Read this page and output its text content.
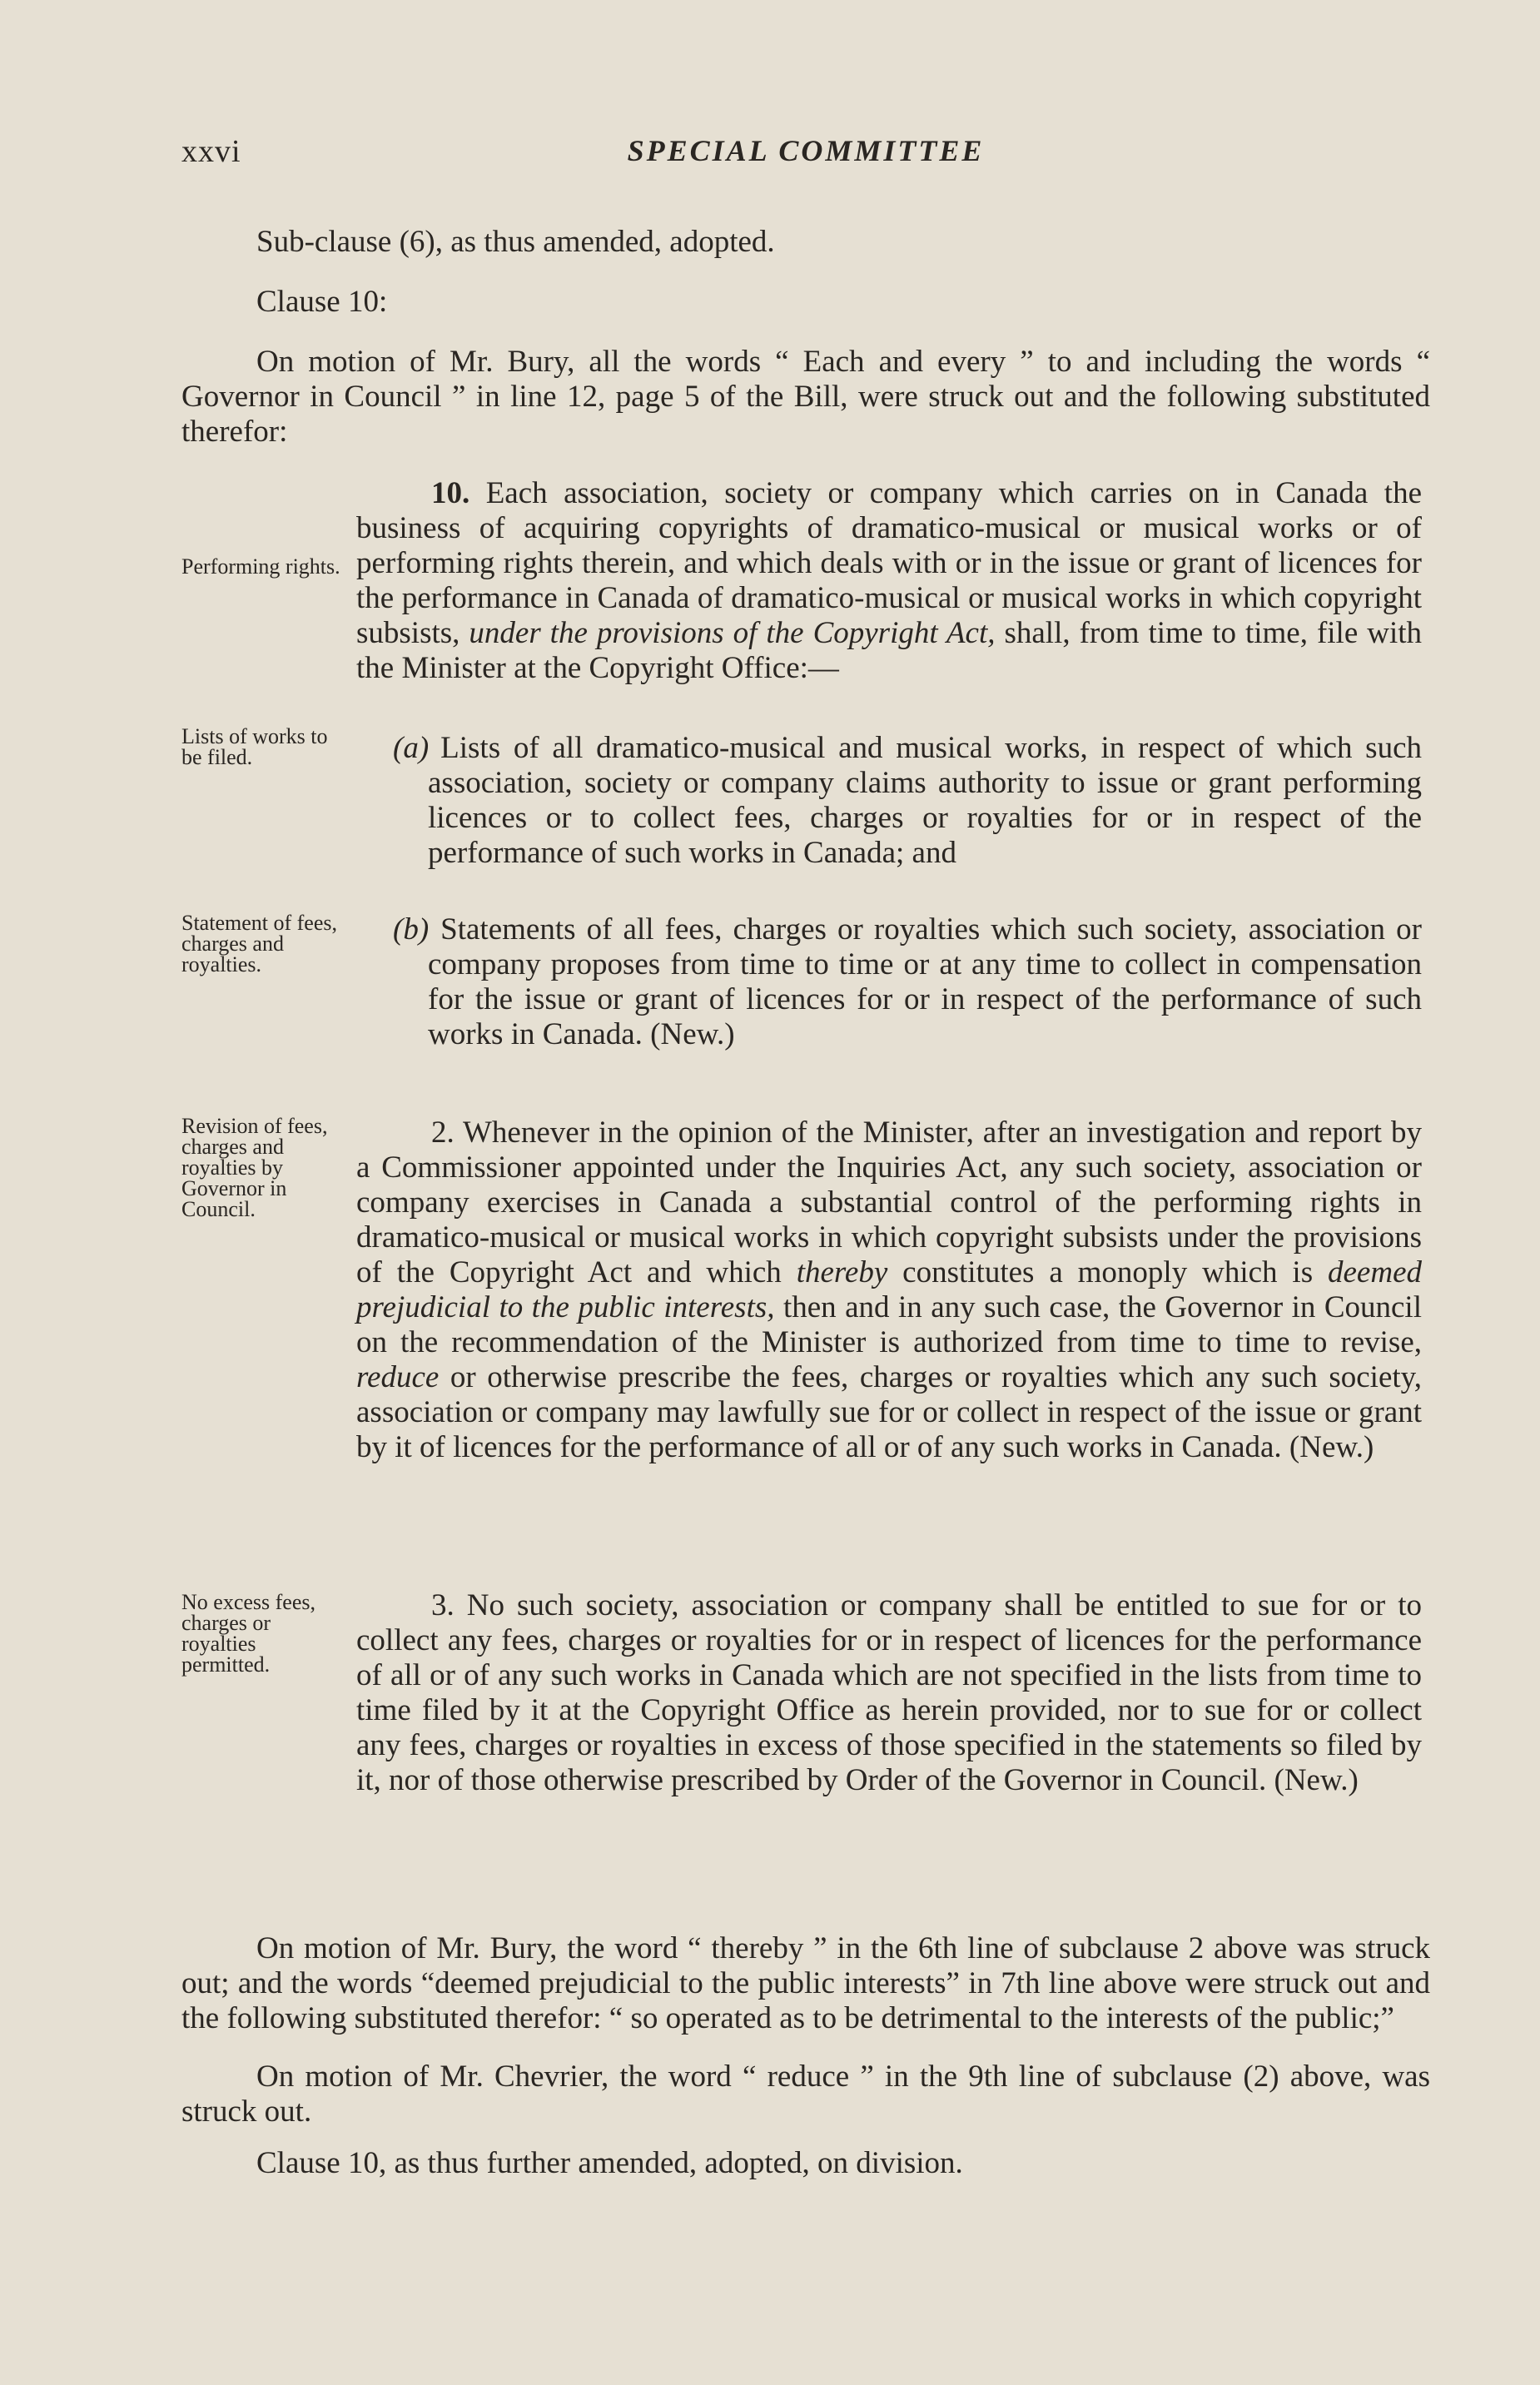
xxvi	SPECIAL COMMITTEE

Sub-clause (6), as thus amended, adopted.

Clause 10:

On motion of Mr. Bury, all the words “ Each and every ” to and including the words “ Governor in Council ” in line 12, page 5 of the Bill, were struck out and the following substituted therefor:

Performing rights.

Lists of works to be filed.

Statement of fees, charges and royalties.

Revision of fees, charges and royalties by Governor in Council.

No excess fees, charges or royalties permitted.

10. Each association, society or company which carries on in Canada the business of acquiring copyrights of dramatico-musical or musical works or of performing rights therein, and which deals with or in the issue or grant of licences for the performance in Canada of dramatico-musical or musical works in which copyright subsists, under the provisions of the Copyright Act, shall, from time to time, file with the Minister at the Copyright Office:—

(a) Lists of all dramatico-musical and musical works, in respect of which such association, society or company claims authority to issue or grant performing licences or to collect fees, charges or royalties for or in respect of the performance of such works in Canada; and

(b) Statements of all fees, charges or royalties which such society, association or company proposes from time to time or at any time to collect in compensation for the issue or grant of licences for or in respect of the performance of such works in Canada. (New.)

2. Whenever in the opinion of the Minister, after an investigation and report by a Commissioner appointed under the Inquiries Act, any such society, association or company exercises in Canada a substantial control of the performing rights in dramatico-musical or musical works in which copyright subsists under the provisions of the Copyright Act and which thereby constitutes a monoply which is deemed prejudicial to the public interests, then and in any such case, the Governor in Council on the recommendation of the Minister is authorized from time to time to revise, reduce or otherwise prescribe the fees, charges or royalties which any such society, association or company may lawfully sue for or collect in respect of the issue or grant by it of licences for the performance of all or of any such works in Canada. (New.)

3. No such society, association or company shall be entitled to sue for or to collect any fees, charges or royalties for or in respect of licences for the performance of all or of any such works in Canada which are not specified in the lists from time to time filed by it at the Copyright Office as herein provided, nor to sue for or collect any fees, charges or royalties in excess of those specified in the statements so filed by it, nor of those otherwise prescribed by Order of the Governor in Council. (New.)

On motion of Mr. Bury, the word “ thereby ” in the 6th line of subclause 2 above was struck out; and the words “deemed prejudicial to the public interests” in 7th line above were struck out and the following substituted therefor: “ so operated as to be detrimental to the interests of the public;”

On motion of Mr. Chevrier, the word “ reduce ” in the 9th line of subclause (2) above, was struck out.

Clause 10, as thus further amended, adopted, on division.
